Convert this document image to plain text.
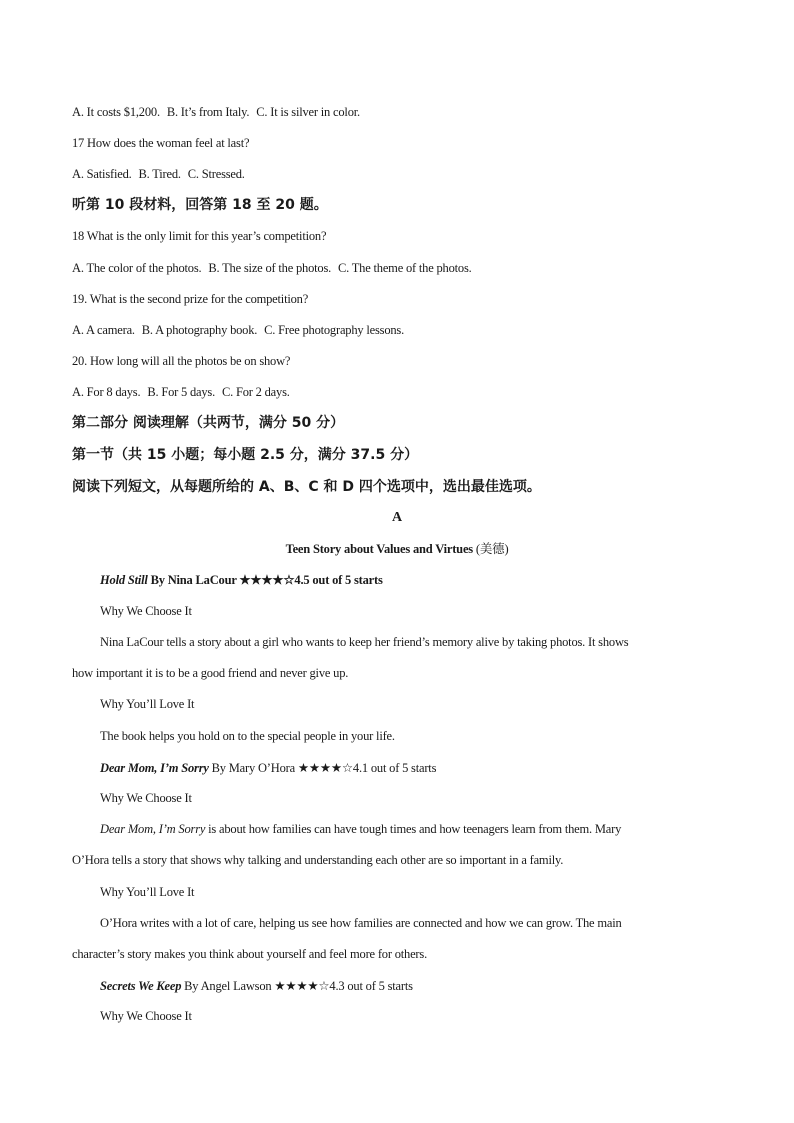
A. It costs $1,200. B. It’s from Italy. C. It is silver in color.
17 How does the woman feel at last?
A. Satisfied. B. Tired. C. Stressed.
听第 10 段材料，回答第 18 至 20 题。
18 What is the only limit for this year’s competition?
A. The color of the photos. B. The size of the photos. C. The theme of the photos.
19. What is the second prize for the competition?
A. A camera. B. A photography book. C. Free photography lessons.
20. How long will all the photos be on show?
A. For 8 days. B. For 5 days. C. For 2 days.
第二部分 阅读理解（共两节，满分 50 分）
第一节（共 15 小题；每小题 2.5 分，满分 37.5 分）
阅读下列短文，从每题所给的 A、B、C 和 D 四个选项中，选出最佳选项。
A
Teen Story about Values and Virtues (美德)
Hold Still By Nina LaCour ★★★★☆4.5 out of 5 starts
Why We Choose It
Nina LaCour tells a story about a girl who wants to keep her friend’s memory alive by taking photos. It shows
how important it is to be a good friend and never give up.
Why You’ll Love It
The book helps you hold on to the special people in your life.
Dear Mom, I’m Sorry By Mary O’Hora ★★★★☆4.1 out of 5 starts
Why We Choose It
Dear Mom, I’m Sorry is about how families can have tough times and how teenagers learn from them. Mary
O’Hora tells a story that shows why talking and understanding each other are so important in a family.
Why You’ll Love It
O’Hora writes with a lot of care, helping us see how families are connected and how we can grow. The main
character’s story makes you think about yourself and feel more for others.
Secrets We Keep By Angel Lawson ★★★★☆4.3 out of 5 starts
Why We Choose It
